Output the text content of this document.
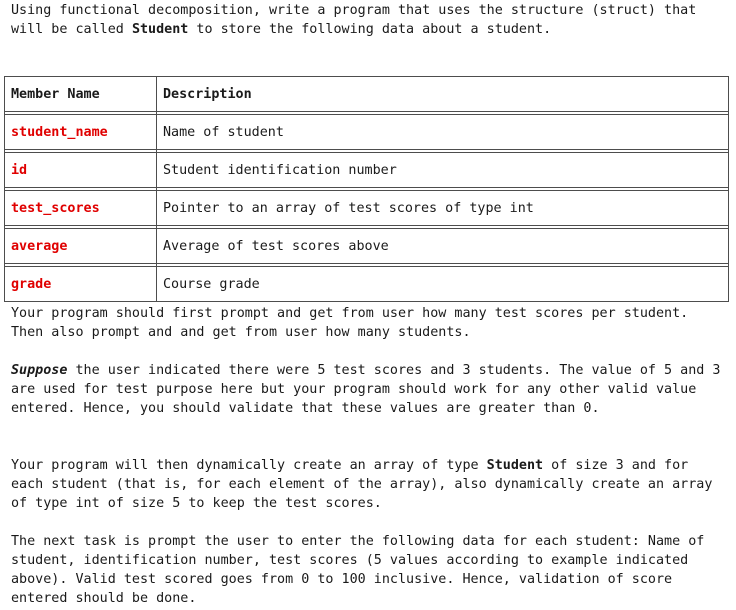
Using functional decomposition, write a program that uses the structure (struct) that will be called Student to store the following data about a student.

Member Name	Description

student_name	Name of student

id	Student identification number

test_scores	Pointer to an array of test scores of type int

average	Average of test scores above

grade	Course grade

Your program should first prompt and get from user how many test scores per student. Then also prompt and and get from user how many students.

Suppose the user indicated there were 5 test scores and 3 students. The value of 5 and 3 are used for test purpose here but your program should work for any other valid value entered. Hence, you should validate that these values are greater than 0.

Your program will then dynamically create an array of type Student of size 3 and for each student (that is, for each element of the array), also dynamically create an array of type int of size 5 to keep the test scores.

The next task is prompt the user to enter the following data for each student: Name of student, identification number, test scores (5 values according to example indicated above). Valid test scored goes from 0 to 100 inclusive. Hence, validation of score entered should be done.
